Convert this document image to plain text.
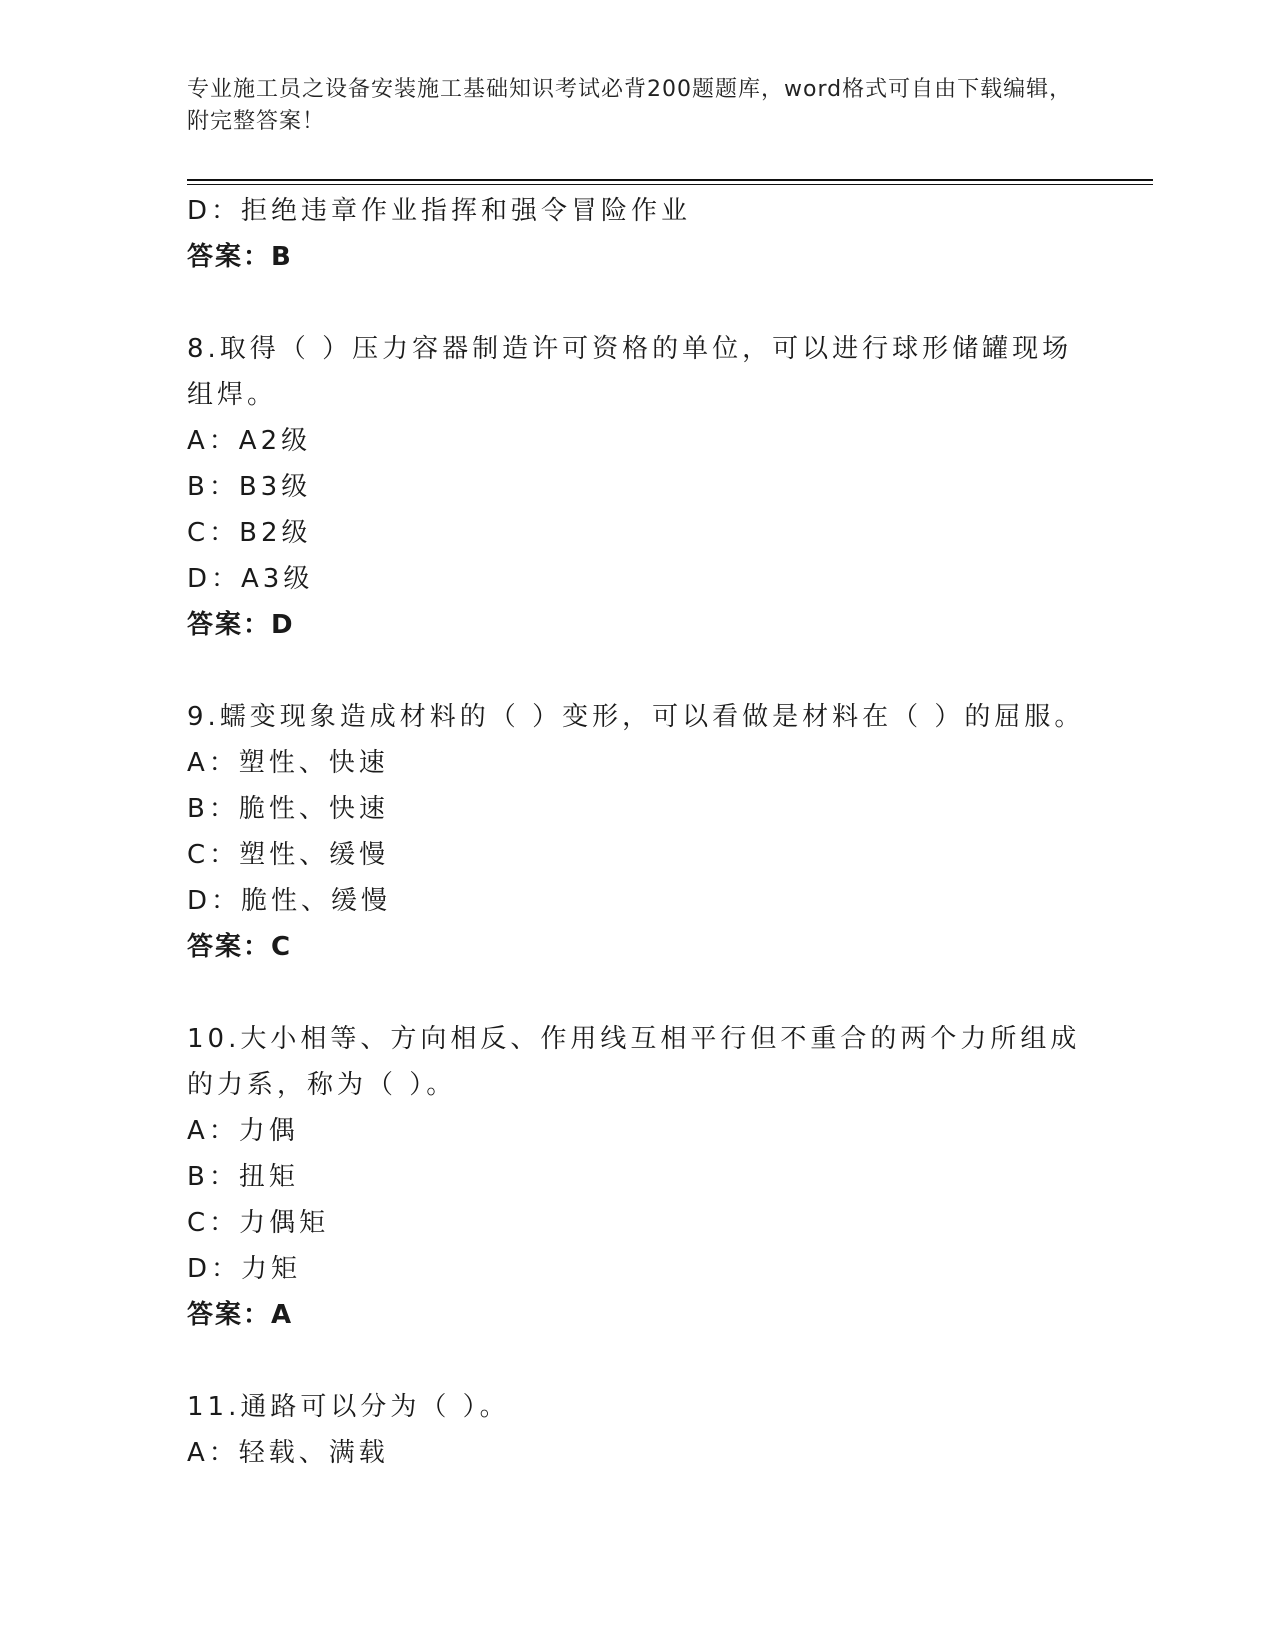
专业施工员之设备安装施工基础知识考试必背200题题库，word格式可自由下载编辑，附完整答案！
D：拒绝违章作业指挥和强令冒险作业
答案：B
8.取得（ ）压力容器制造许可资格的单位，可以进行球形储罐现场组焊。
A：A2级
B：B3级
C：B2级
D：A3级
答案：D
9.蠕变现象造成材料的（ ）变形，可以看做是材料在（ ）的屈服。
A：塑性、快速
B：脆性、快速
C：塑性、缓慢
D：脆性、缓慢
答案：C
10.大小相等、方向相反、作用线互相平行但不重合的两个力所组成的力系，称为（ ）。
A：力偶
B：扭矩
C：力偶矩
D：力矩
答案：A
11.通路可以分为（ ）。
A：轻载、满载
